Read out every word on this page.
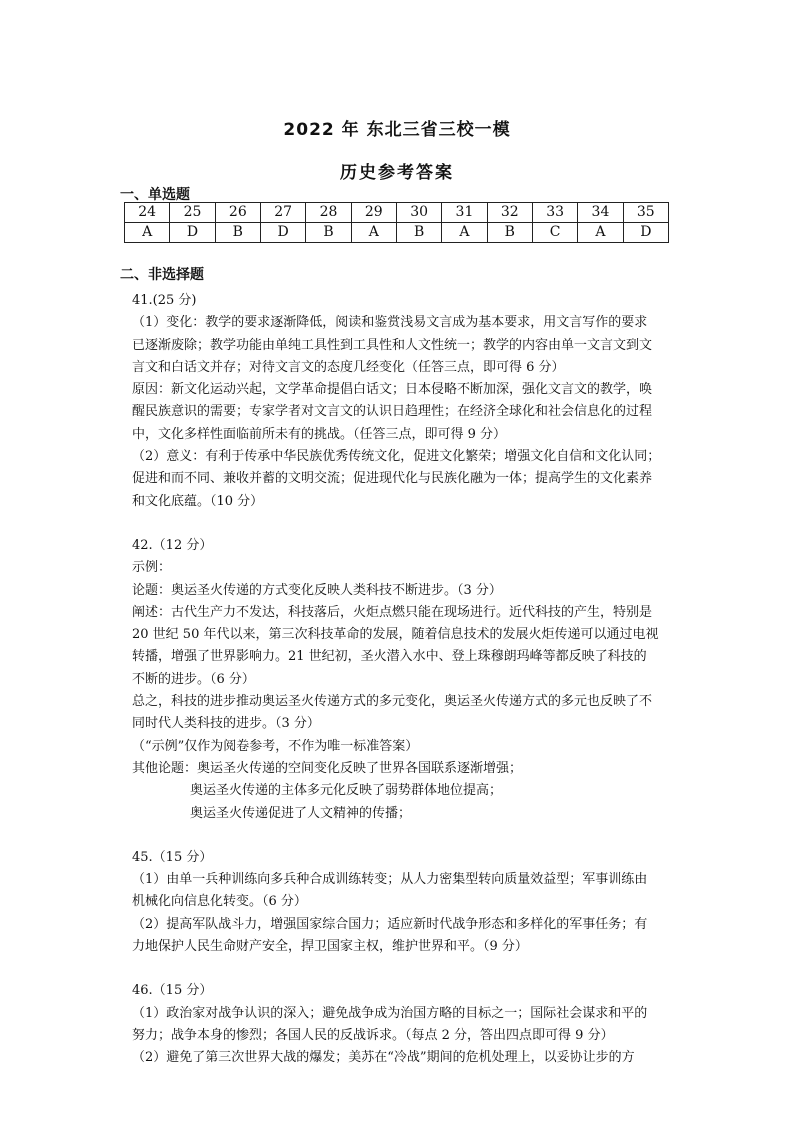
2022 年 东北三省三校一模
历史参考答案
一、单选题
24	25	26	27	28	29	30	31	32	33	34	35
A	D	B	D	B	A	B	A	B	C	A	D
二、非选择题
41.(25 分)
（1）变化：教学的要求逐渐降低，阅读和鉴赏浅易文言成为基本要求，用文言写作的要求
已逐渐废除；教学功能由单纯工具性到工具性和人文性统一；教学的内容由单一文言文到文
言文和白话文并存；对待文言文的态度几经变化（任答三点，即可得 6 分）
原因：新文化运动兴起，文学革命提倡白话文；日本侵略不断加深，强化文言文的教学，唤
醒民族意识的需要；专家学者对文言文的认识日趋理性；在经济全球化和社会信息化的过程
中，文化多样性面临前所未有的挑战。（任答三点，即可得 9 分）
（2）意义：有利于传承中华民族优秀传统文化，促进文化繁荣；增强文化自信和文化认同；
促进和而不同、兼收并蓄的文明交流；促进现代化与民族化融为一体；提高学生的文化素养
和文化底蕴。（10 分）
42.（12 分）
示例：
论题：奥运圣火传递的方式变化反映人类科技不断进步。（3 分）
阐述：古代生产力不发达，科技落后，火炬点燃只能在现场进行。近代科技的产生，特别是
20 世纪 50 年代以来，第三次科技革命的发展，随着信息技术的发展火炬传递可以通过电视
转播，增强了世界影响力。21 世纪初，圣火潜入水中、登上珠穆朗玛峰等都反映了科技的
不断的进步。（6 分）
总之，科技的进步推动奥运圣火传递方式的多元变化，奥运圣火传递方式的多元也反映了不
同时代人类科技的进步。（3 分）
（“示例”仅作为阅卷参考，不作为唯一标准答案）
其他论题：奥运圣火传递的空间变化反映了世界各国联系逐渐增强；
奥运圣火传递的主体多元化反映了弱势群体地位提高；
奥运圣火传递促进了人文精神的传播；
45.（15 分）
（1）由单一兵种训练向多兵种合成训练转变；从人力密集型转向质量效益型；军事训练由
机械化向信息化转变。（6 分）
（2）提高军队战斗力，增强国家综合国力；适应新时代战争形态和多样化的军事任务；有
力地保护人民生命财产安全，捍卫国家主权，维护世界和平。（9 分）
46.（15 分）
（1）政治家对战争认识的深入；避免战争成为治国方略的目标之一；国际社会谋求和平的
努力；战争本身的惨烈；各国人民的反战诉求。（每点 2 分，答出四点即可得 9 分）
（2）避免了第三次世界大战的爆发；美苏在“冷战”期间的危机处理上，以妥协让步的方
